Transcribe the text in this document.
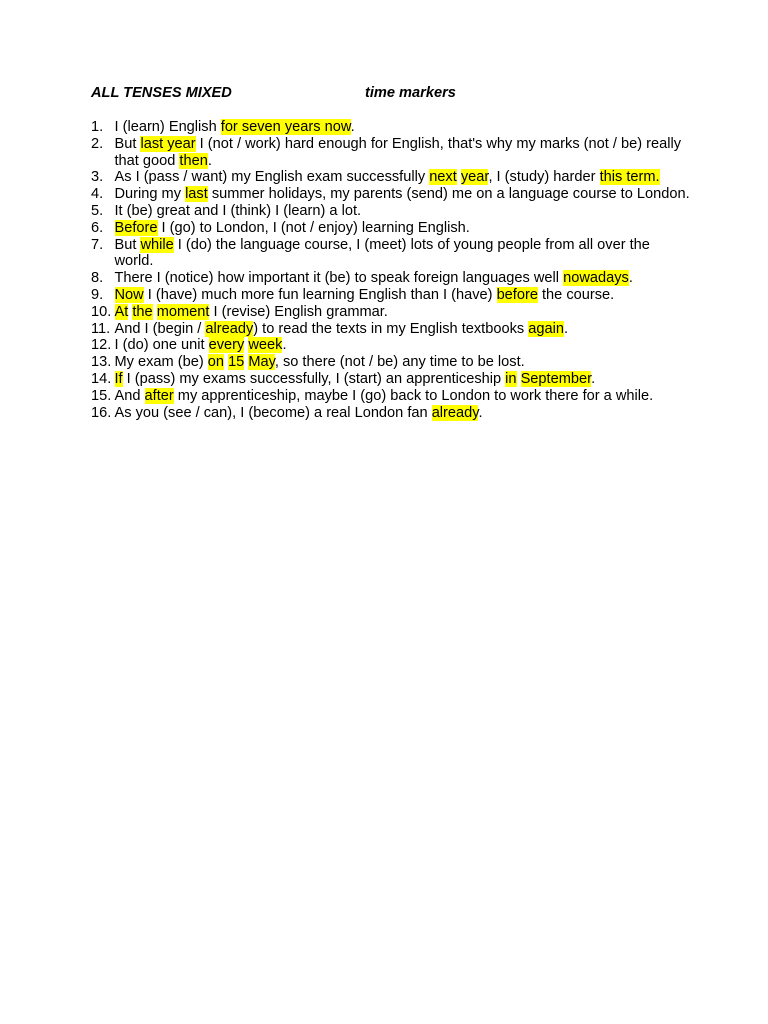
ALL TENSES MIXED	time markers
1. I (learn) English for seven years now.
2. But last year I (not / work) hard enough for English, that's why my marks (not / be) really that good then.
3. As I (pass / want) my English exam successfully next year, I (study) harder this term.
4. During my last summer holidays, my parents (send) me on a language course to London.
5. It (be) great and I (think) I (learn) a lot.
6. Before I (go) to London, I (not / enjoy) learning English.
7. But while I (do) the language course, I (meet) lots of young people from all over the world.
8. There I (notice) how important it (be) to speak foreign languages well nowadays.
9. Now I (have) much more fun learning English than I (have) before the course.
10. At the moment I (revise) English grammar.
11. And I (begin / already) to read the texts in my English textbooks again.
12. I (do) one unit every week.
13. My exam (be) on 15 May, so there (not / be) any time to be lost.
14. If I (pass) my exams successfully, I (start) an apprenticeship in September.
15. And after my apprenticeship, maybe I (go) back to London to work there for a while.
16. As you (see / can), I (become) a real London fan already.
